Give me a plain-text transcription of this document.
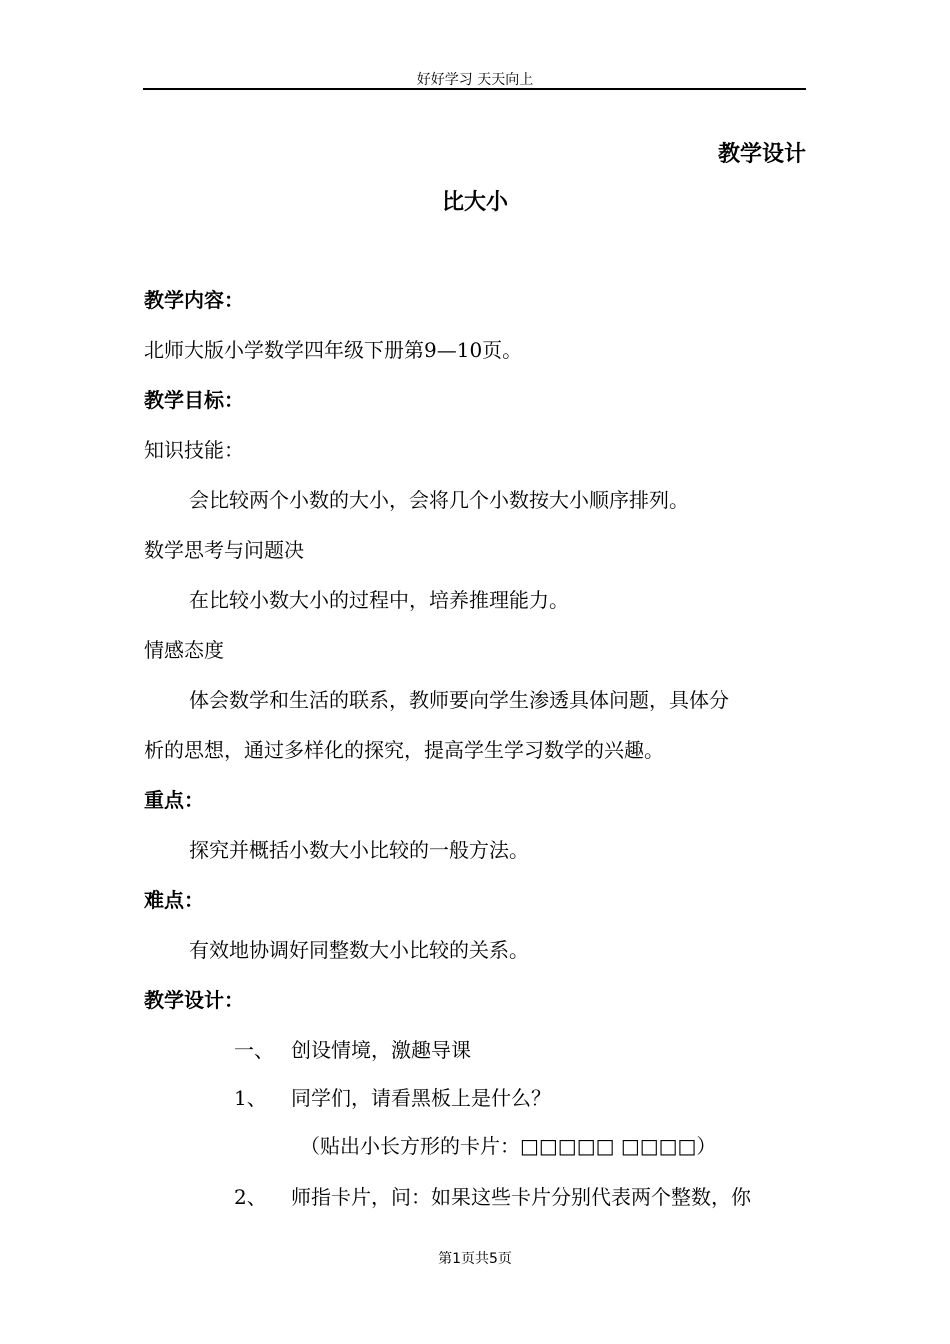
好好学习 天天向上
教学设计
比大小
教学内容：
北师大版小学数学四年级下册第9—10页。
教学目标：
知识技能：
会比较两个小数的大小，会将几个小数按大小顺序排列。
数学思考与问题决
在比较小数大小的过程中，培养推理能力。
情感态度
体会数学和生活的联系，教师要向学生渗透具体问题，具体分
析的思想，通过多样化的探究，提高学生学习数学的兴趣。
重点：
探究并概括小数大小比较的一般方法。
难点：
有效地协调好同整数大小比较的关系。
教学设计：
一、 创设情境，激趣导课
1、 同学们，请看黑板上是什么？
（贴出小长方形的卡片：□□□□□ □□□□）
2、 师指卡片，问：如果这些卡片分别代表两个整数，你
第1页共5页
